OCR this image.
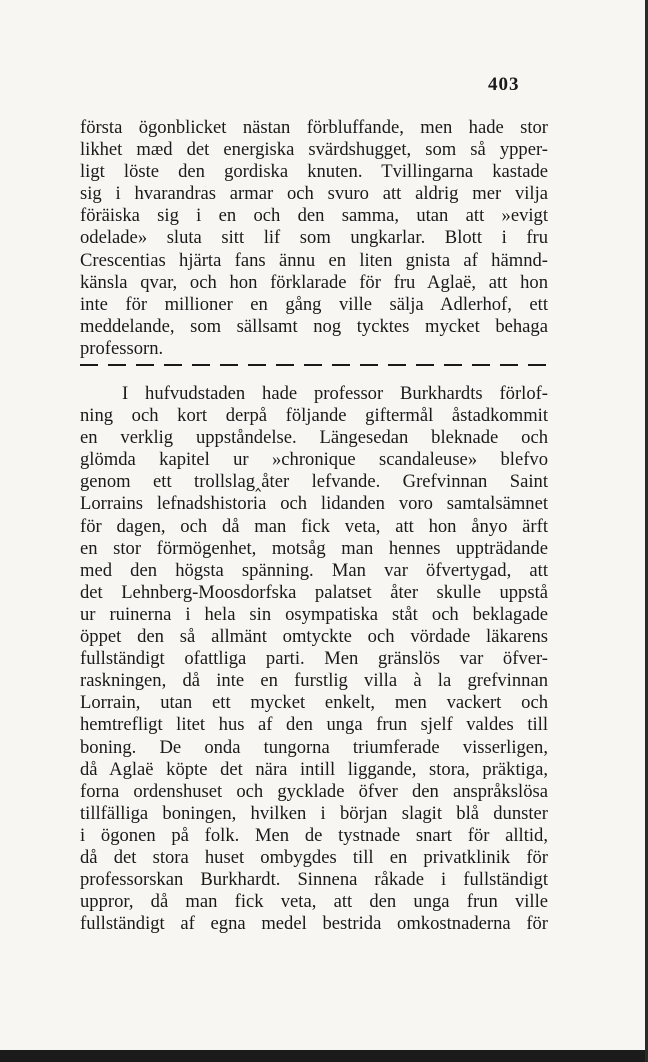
403
första ögonblicket nästan förbluffande, men hade stor
likhet mæd det energiska svärdshugget, som så ypper-
ligt löste den gordiska knuten. Tvillingarna kastade
sig i hvarandras armar och svuro att aldrig mer vilja
föräiska sig i en och den samma, utan att »evigt
odelade» sluta sitt lif som ungkarlar. Blott i fru
Crescentias hjärta fans ännu en liten gnista af hämnd-
känsla qvar, och hon förklarade för fru Aglaë, att hon
inte för millioner en gång ville sälja Adlerhof, ett
meddelande, som sällsamt nog tycktes mycket behaga
professorn.
I hufvudstaden hade professor Burkhardts förlof-
ning och kort derpå följande giftermål åstadkommit
en verklig uppståndelse. Längesedan bleknade och
glömda kapitel ur »chronique scandaleuse» blefvo
genom ett trollslag‸åter lefvande. Grefvinnan Saint
Lorrains lefnadshistoria och lidanden voro samtalsämnet
för dagen, och då man fick veta, att hon ånyo ärft
en stor förmögenhet, motsåg man hennes uppträdande
med den högsta spänning. Man var öfvertygad, att
det Lehnberg-Moosdorfska palatset åter skulle uppstå
ur ruinerna i hela sin osympatiska ståt och beklagade
öppet den så allmänt omtyckte och vördade läkarens
fullständigt ofattliga parti. Men gränslös var öfver-
raskningen, då inte en furstlig villa à la grefvinnan
Lorrain, utan ett mycket enkelt, men vackert och
hemtrefligt litet hus af den unga frun sjelf valdes till
boning. De onda tungorna triumferade visserligen,
då Aglaë köpte det nära intill liggande, stora, präktiga,
forna ordenshuset och gycklade öfver den anspråkslösa
tillfälliga boningen, hvilken i början slagit blå dunster
i ögonen på folk. Men de tystnade snart för alltid,
då det stora huset ombygdes till en privatklinik för
professorskan Burkhardt. Sinnena råkade i fullständigt
uppror, då man fick veta, att den unga frun ville
fullständigt af egna medel bestrida omkostnaderna för
